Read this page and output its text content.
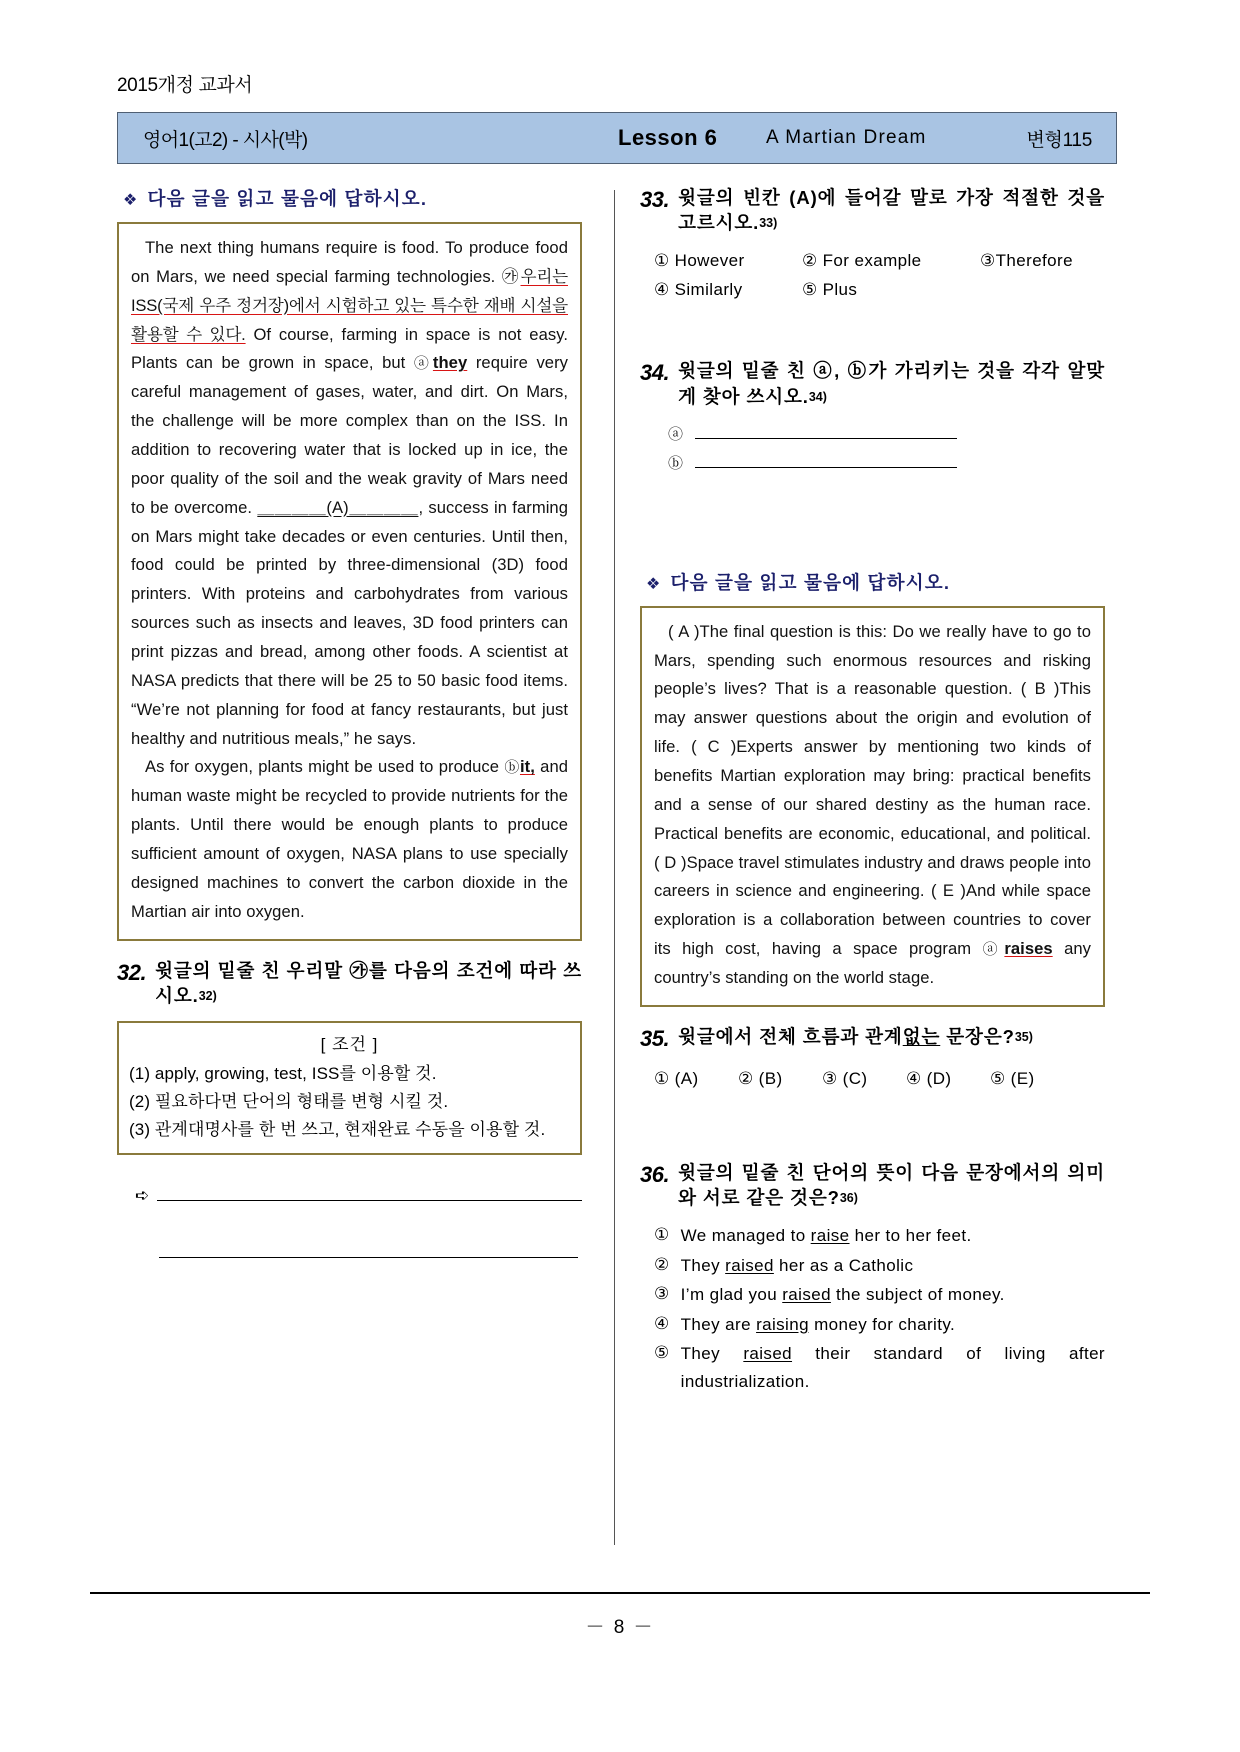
2015개정 교과서
영어1(고2) - 시사(박)	Lesson 6	A Martian Dream	변형115
❖ 다음 글을 읽고 물음에 답하시오.

The next thing humans require is food. To produce food on Mars, we need special farming technologies. ㉮우리는 ISS(국제 우주 정거장)에서 시험하고 있는 특수한 재배 시설을 활용할 수 있다. Of course, farming in space is not easy. Plants can be grown in space, but ⓐthey require very careful management of gases, water, and dirt. On Mars, the challenge will be more complex than on the ISS. In addition to recovering water that is locked up in ice, the poor quality of the soil and the weak gravity of Mars need to be overcome. ＿＿＿＿(A)＿＿＿＿, success in farming on Mars might take decades or even centuries. Until then, food could be printed by three-dimensional (3D) food printers. With proteins and carbohydrates from various sources such as insects and leaves, 3D food printers can print pizzas and bread, among other foods. A scientist at NASA predicts that there will be 25 to 50 basic food items. “We’re not planning for food at fancy restaurants, but just healthy and nutritious meals,” he says.

As for oxygen, plants might be used to produce ⓑit, and human waste might be recycled to provide nutrients for the plants. Until there would be enough plants to produce sufficient amount of oxygen, NASA plans to use specially designed machines to convert the carbon dioxide in the Martian air into oxygen.

32. 윗글의 밑줄 친 우리말 ㉮를 다음의 조건에 따라 쓰시오.32)
[ 조건 ]
(1) apply, growing, test, ISS를 이용할 것.
(2) 필요하다면 단어의 형태를 변형 시킬 것.
(3) 관계대명사를 한 번 쓰고, 현재완료 수동을 이용할 것.
➪
33. 윗글의 빈칸 (A)에 들어갈 말로 가장 적절한 것을 고르시오.33)
① However	② For example	③Therefore
④ Similarly	⑤ Plus
34. 윗글의 밑줄 친 ⓐ, ⓑ가 가리키는 것을 각각 알맞게 찾아 쓰시오.34)
ⓐ
ⓑ
❖ 다음 글을 읽고 물음에 답하시오.

( A )The final question is this: Do we really have to go to Mars, spending such enormous resources and risking people’s lives? That is a reasonable question. ( B )This may answer questions about the origin and evolution of life. ( C )Experts answer by mentioning two kinds of benefits Martian exploration may bring: practical benefits and a sense of our shared destiny as the human race. Practical benefits are economic, educational, and political. ( D )Space travel stimulates industry and draws people into careers in science and engineering. ( E )And while space exploration is a collaboration between countries to cover its high cost, having a space program ⓐraises any country’s standing on the world stage.

35. 윗글에서 전체 흐름과 관계없는 문장은?35)
① (A)	② (B)	③ (C)	④ (D)	⑤ (E)
36. 윗글의 밑줄 친 단어의 뜻이 다음 문장에서의 의미와 서로 같은 것은?36)
① We managed to raise her to her feet.
② They raised her as a Catholic
③ I’m glad you raised the subject of money.
④ They are raising money for charity.
⑤ They raised their standard of living after industrialization.
－ 8 －
